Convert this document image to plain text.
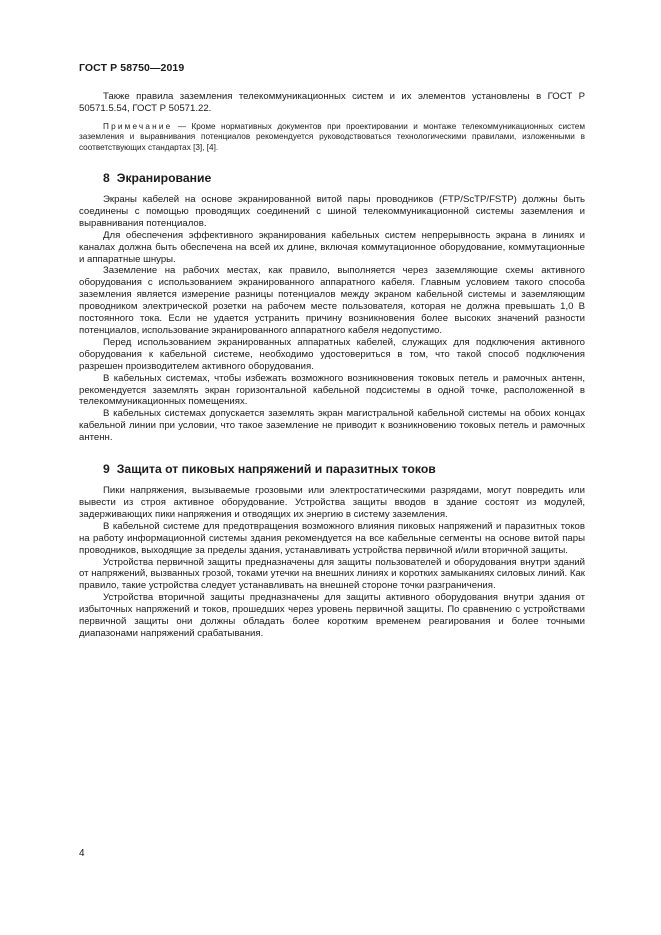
ГОСТ Р 58750—2019

Также правила заземления телекоммуникационных систем и их элементов установлены в ГОСТ Р 50571.5.54, ГОСТ Р 50571.22.

Примечание — Кроме нормативных документов при проектировании и монтаже телекоммуникационных систем заземления и выравнивания потенциалов рекомендуется руководствоваться технологическими правилами, изложенными в соответствующих стандартах [3], [4].

8 Экранирование

Экраны кабелей на основе экранированной витой пары проводников (FTP/ScTP/FSTP) должны быть соединены с помощью проводящих соединений с шиной телекоммуникационной системы заземления и выравнивания потенциалов.

Для обеспечения эффективного экранирования кабельных систем непрерывность экрана в линиях и каналах должна быть обеспечена на всей их длине, включая коммутационное оборудование, коммутационные и аппаратные шнуры.

Заземление на рабочих местах, как правило, выполняется через заземляющие схемы активного оборудования с использованием экранированного аппаратного кабеля. Главным условием такого способа заземления является измерение разницы потенциалов между экраном кабельной системы и заземляющим проводником электрической розетки на рабочем месте пользователя, которая не должна превышать 1,0 В постоянного тока. Если не удается устранить причину возникновения более высоких значений разности потенциалов, использование экранированного аппаратного кабеля недопустимо.

Перед использованием экранированных аппаратных кабелей, служащих для подключения активного оборудования к кабельной системе, необходимо удостовериться в том, что такой способ подключения разрешен производителем активного оборудования.

В кабельных системах, чтобы избежать возможного возникновения токовых петель и рамочных антенн, рекомендуется заземлять экран горизонтальной кабельной подсистемы в одной точке, расположенной в телекоммуникационных помещениях.

В кабельных системах допускается заземлять экран магистральной кабельной системы на обоих концах кабельной линии при условии, что такое заземление не приводит к возникновению токовых петель и рамочных антенн.

9 Защита от пиковых напряжений и паразитных токов

Пики напряжения, вызываемые грозовыми или электростатическими разрядами, могут повредить или вывести из строя активное оборудование. Устройства защиты вводов в здание состоят из модулей, задерживающих пики напряжения и отводящих их энергию в систему заземления.

В кабельной системе для предотвращения возможного влияния пиковых напряжений и паразитных токов на работу информационной системы здания рекомендуется на все кабельные сегменты на основе витой пары проводников, выходящие за пределы здания, устанавливать устройства первичной и/или вторичной защиты.

Устройства первичной защиты предназначены для защиты пользователей и оборудования внутри зданий от напряжений, вызванных грозой, токами утечки на внешних линиях и коротких замыканиях силовых линий. Как правило, такие устройства следует устанавливать на внешней стороне точки разграничения.

Устройства вторичной защиты предназначены для защиты активного оборудования внутри здания от избыточных напряжений и токов, прошедших через уровень первичной защиты. По сравнению с устройствами первичной защиты они должны обладать более коротким временем реагирования и более точными диапазонами напряжений срабатывания.

4
